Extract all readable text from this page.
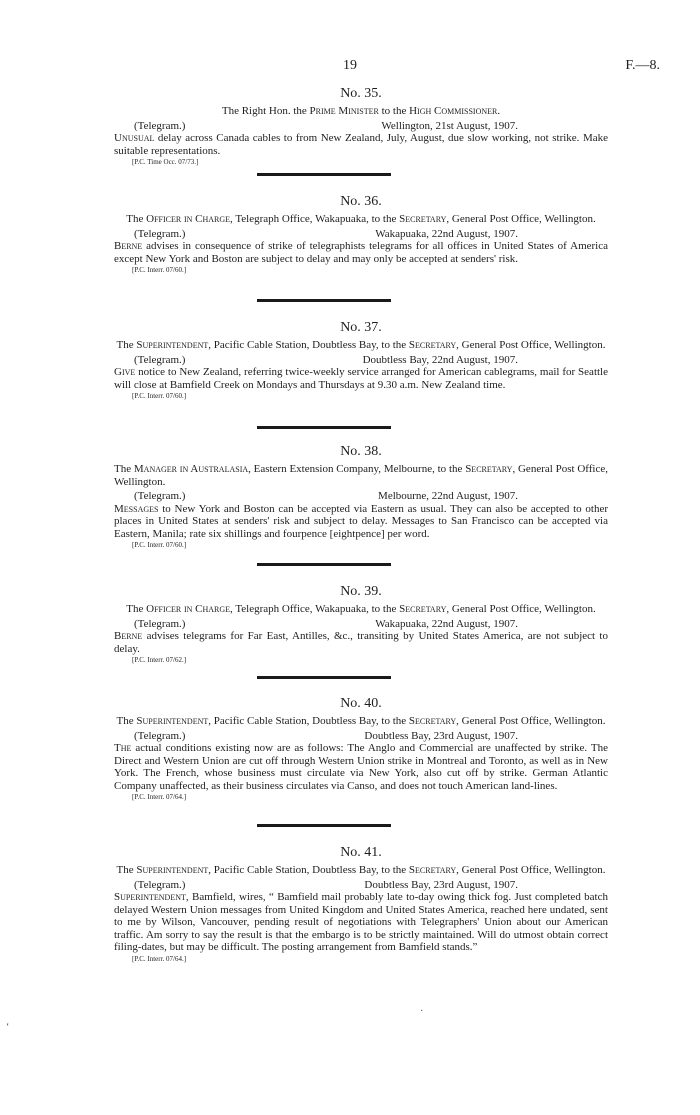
19	F.—8.
No. 35.
The Right Hon. the Prime Minister to the High Commissioner.
(Telegram.)	Wellington, 21st August, 1907.
Unusual delay across Canada cables to from New Zealand, July, August, due slow working, not strike. Make suitable representations.
[P.C. Time Occ. 07/73.]
No. 36.
The Officer in Charge, Telegraph Office, Wakapuaka, to the Secretary, General Post Office, Wellington.
(Telegram.)	Wakapuaka, 22nd August, 1907.
Berne advises in consequence of strike of telegraphists telegrams for all offices in United States of America except New York and Boston are subject to delay and may only be accepted at senders' risk.
[P.C. Interr. 07/60.]
No. 37.
The Superintendent, Pacific Cable Station, Doubtless Bay, to the Secretary, General Post Office, Wellington.
(Telegram.)	Doubtless Bay, 22nd August, 1907.
Give notice to New Zealand, referring twice-weekly service arranged for American cablegrams, mail for Seattle will close at Bamfield Creek on Mondays and Thursdays at 9.30 a.m. New Zealand time.
[P.C. Interr. 07/60.]
No. 38.
The Manager in Australasia, Eastern Extension Company, Melbourne, to the Secretary, General Post Office, Wellington.
(Telegram.)	Melbourne, 22nd August, 1907.
Messages to New York and Boston can be accepted via Eastern as usual. They can also be accepted to other places in United States at senders' risk and subject to delay. Messages to San Francisco can be accepted via Eastern, Manila; rate six shillings and fourpence [eightpence] per word.
[P.C. Interr. 07/60.]
No. 39.
The Officer in Charge, Telegraph Office, Wakapuaka, to the Secretary, General Post Office, Wellington.
(Telegram.)	Wakapuaka, 22nd August, 1907.
Berne advises telegrams for Far East, Antilles, &c., transiting by United States America, are not subject to delay.
[P.C. Interr. 07/62.]
No. 40.
The Superintendent, Pacific Cable Station, Doubtless Bay, to the Secretary, General Post Office, Wellington.
(Telegram.)	Doubtless Bay, 23rd August, 1907.
The actual conditions existing now are as follows: The Anglo and Commercial are unaffected by strike. The Direct and Western Union are cut off through Western Union strike in Montreal and Toronto, as well as in New York. The French, whose business must circulate via New York, also cut off by strike. German Atlantic Company unaffected, as their business circulates via Canso, and does not touch American land-lines.
[P.C. Interr. 07/64.]
No. 41.
The Superintendent, Pacific Cable Station, Doubtless Bay, to the Secretary, General Post Office, Wellington.
(Telegram.)	Doubtless Bay, 23rd August, 1907.
Superintendent, Bamfield, wires, “ Bamfield mail probably late to-day owing thick fog. Just completed batch delayed Western Union messages from United Kingdom and United States America, reached here undated, sent to me by Wilson, Vancouver, pending result of negotiations with Telegraphers' Union about our American traffic. Am sorry to say the result is that the embargo is to be strictly maintained. Will do utmost obtain correct filing-dates, but may be difficult. The posting arrangement from Bamfield stands.”
[P.C. Interr. 07/64.]
·
‘
